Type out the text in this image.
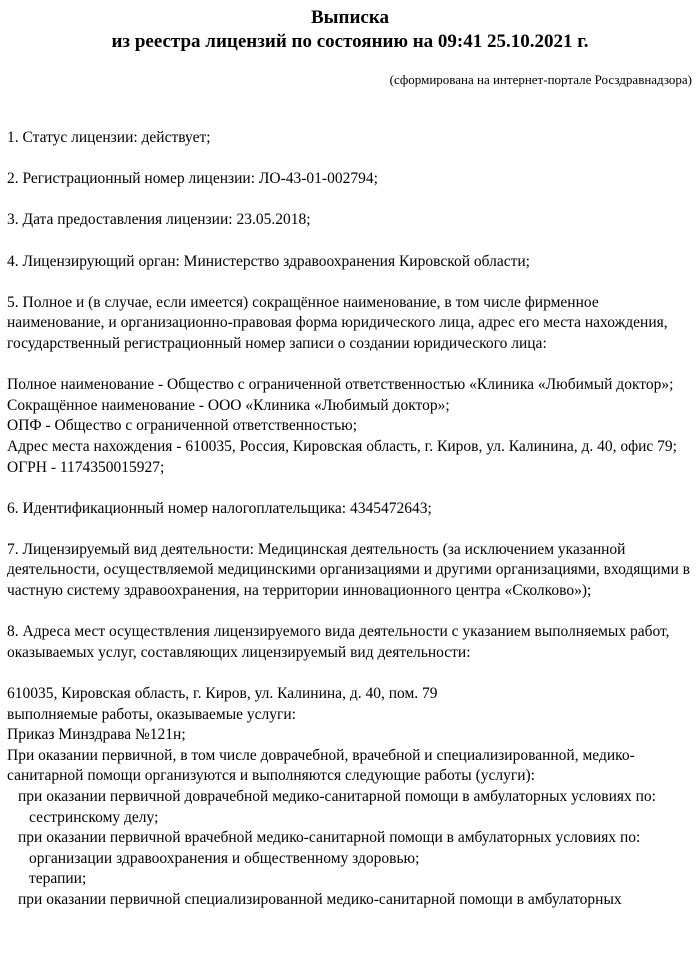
Выписка
из реестра лицензий по состоянию на 09:41 25.10.2021 г.
(сформирована на интернет-портале Росздравнадзора)

1. Статус лицензии: действует;

2. Регистрационный номер лицензии: ЛО-43-01-002794;

3. Дата предоставления лицензии: 23.05.2018;

4. Лицензирующий орган: Министерство здравоохранения Кировской области;

5. Полное и (в случае, если имеется) сокращённое наименование, в том числе фирменное наименование, и организационно-правовая форма юридического лица, адрес его места нахождения, государственный регистрационный номер записи о создании юридического лица:

Полное наименование - Общество с ограниченной ответственностью «Клиника «Любимый доктор»;

Сокращённое наименование - ООО «Клиника «Любимый доктор»;

ОПФ - Общество с ограниченной ответственностью;

Адрес места нахождения - 610035, Россия, Кировская область, г. Киров, ул. Калинина, д. 40, офис 79;

ОГРН - 1174350015927;

6. Идентификационный номер налогоплательщика: 4345472643;

7. Лицензируемый вид деятельности: Медицинская деятельность (за исключением указанной деятельности, осуществляемой медицинскими организациями и другими организациями, входящими в частную систему здравоохранения, на территории инновационного центра «Сколково»);

8. Адреса мест осуществления лицензируемого вида деятельности с указанием выполняемых работ, оказываемых услуг, составляющих лицензируемый вид деятельности:

610035, Кировская область, г. Киров, ул. Калинина, д. 40, пом. 79

выполняемые работы, оказываемые услуги:

Приказ Минздрава №121н;

При оказании первичной, в том числе доврачебной, врачебной и специализированной, медико-санитарной помощи организуются и выполняются следующие работы (услуги):

при оказании первичной доврачебной медико-санитарной помощи в амбулаторных условиях по:

сестринскому делу;

при оказании первичной врачебной медико-санитарной помощи в амбулаторных условиях по:

организации здравоохранения и общественному здоровью;

терапии;

при оказании первичной специализированной медико-санитарной помощи в амбулаторных
